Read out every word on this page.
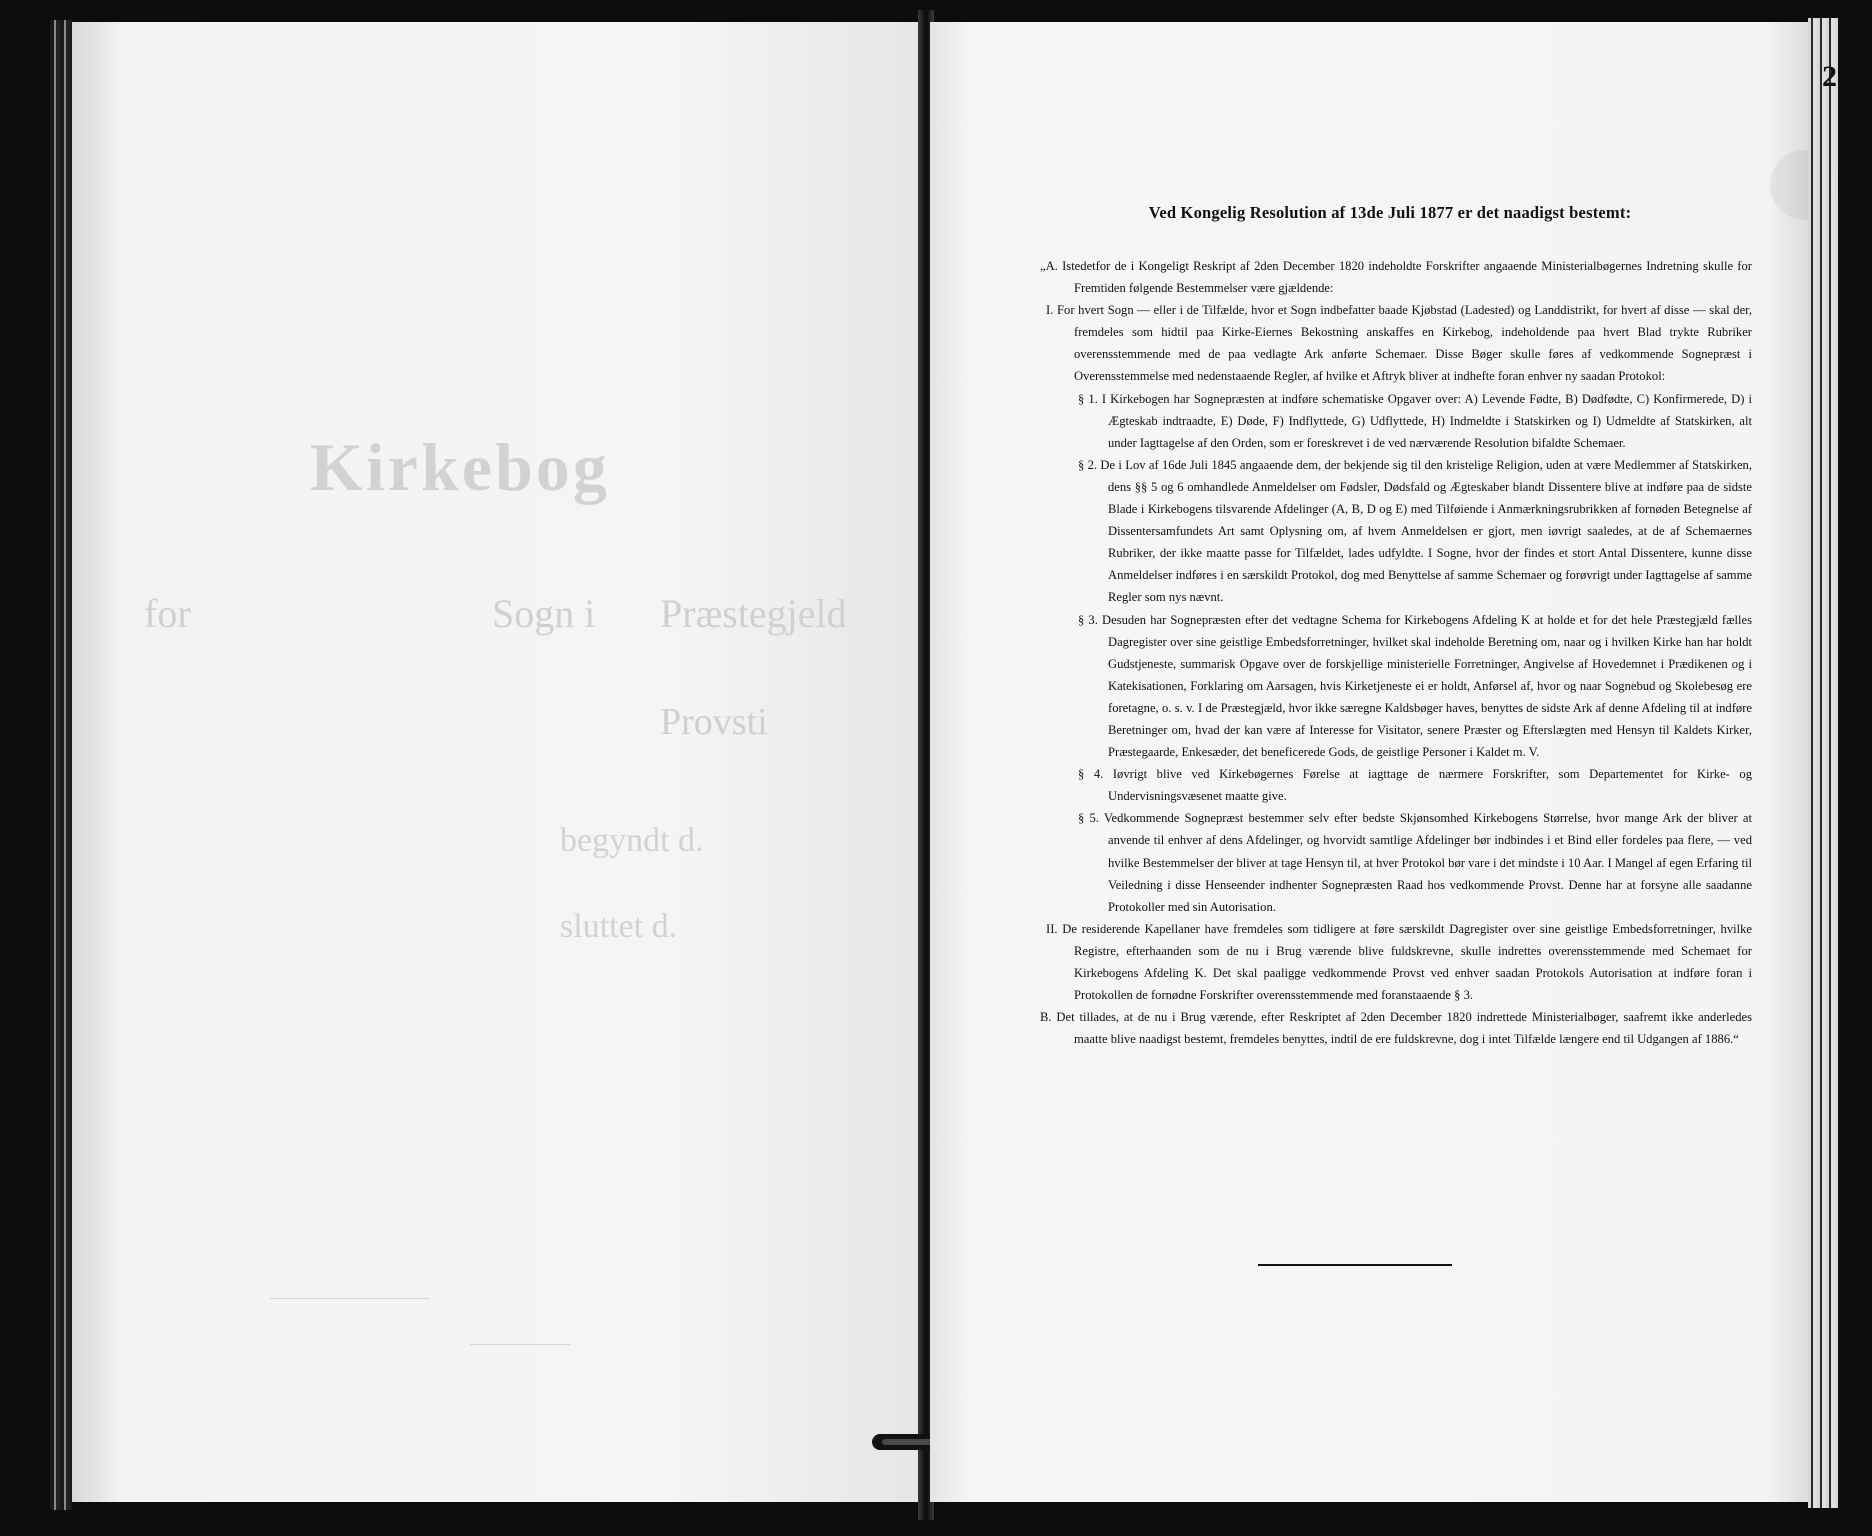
Kirkebog
for	Sogn i Præstegjeld
Provsti
begyndt d.
sluttet d.
2
Ved Kongelig Resolution af 13de Juli 1877 er det naadigst bestemt:

„A. Istedetfor de i Kongeligt Reskript af 2den December 1820 indeholdte Forskrifter angaaende Ministerialbøgernes Indretning skulle for Fremtiden følgende Bestemmelser være gjældende:

I. For hvert Sogn — eller i de Tilfælde, hvor et Sogn indbefatter baade Kjøbstad (Ladested) og Landdistrikt, for hvert af disse — skal der, fremdeles som hidtil paa Kirke-Eiernes Bekostning anskaffes en Kirkebog, indeholdende paa hvert Blad trykte Rubriker overensstemmende med de paa vedlagte Ark anførte Schemaer. Disse Bøger skulle føres af vedkommende Sognepræst i Overensstemmelse med nedenstaaende Regler, af hvilke et Aftryk bliver at indhefte foran enhver ny saadan Protokol:

§ 1. I Kirkebogen har Sognepræsten at indføre schematiske Opgaver over: A) Levende Fødte, B) Dødfødte, C) Konfirmerede, D) i Ægteskab indtraadte, E) Døde, F) Indflyttede, G) Udflyttede, H) Indmeldte i Statskirken og I) Udmeldte af Statskirken, alt under Iagttagelse af den Orden, som er foreskrevet i de ved nærværende Resolution bifaldte Schemaer.

§ 2. De i Lov af 16de Juli 1845 angaaende dem, der bekjende sig til den kristelige Religion, uden at være Medlemmer af Statskirken, dens §§ 5 og 6 omhandlede Anmeldelser om Fødsler, Dødsfald og Ægteskaber blandt Dissentere blive at indføre paa de sidste Blade i Kirkebogens tilsvarende Afdelinger (A, B, D og E) med Tilføiende i Anmærkningsrubrikken af fornøden Betegnelse af Dissentersamfundets Art samt Oplysning om, af hvem Anmeldelsen er gjort, men iøvrigt saaledes, at de af Schemaernes Rubriker, der ikke maatte passe for Tilfældet, lades udfyldte. I Sogne, hvor der findes et stort Antal Dissentere, kunne disse Anmeldelser indføres i en særskildt Protokol, dog med Benyttelse af samme Schemaer og forøvrigt under Iagttagelse af samme Regler som nys nævnt.

§ 3. Desuden har Sognepræsten efter det vedtagne Schema for Kirkebogens Afdeling K at holde et for det hele Præstegjæld fælles Dagregister over sine geistlige Embedsforretninger, hvilket skal indeholde Beretning om, naar og i hvilken Kirke han har holdt Gudstjeneste, summarisk Opgave over de forskjellige ministerielle Forretninger, Angivelse af Hovedemnet i Prædikenen og i Katekisationen, Forklaring om Aarsagen, hvis Kirketjeneste ei er holdt, Anførsel af, hvor og naar Sognebud og Skolebesøg ere foretagne, o. s. v. I de Præstegjæld, hvor ikke særegne Kaldsbøger haves, benyttes de sidste Ark af denne Afdeling til at indføre Beretninger om, hvad der kan være af Interesse for Visitator, senere Præster og Efterslægten med Hensyn til Kaldets Kirker, Præstegaarde, Enkesæder, det beneficerede Gods, de geistlige Personer i Kaldet m. V.

§ 4. Iøvrigt blive ved Kirkebøgernes Førelse at iagttage de nærmere Forskrifter, som Departementet for Kirke- og Undervisningsvæsenet maatte give.

§ 5. Vedkommende Sognepræst bestemmer selv efter bedste Skjønsomhed Kirkebogens Størrelse, hvor mange Ark der bliver at anvende til enhver af dens Afdelinger, og hvorvidt samtlige Afdelinger bør indbindes i et Bind eller fordeles paa flere, — ved hvilke Bestemmelser der bliver at tage Hensyn til, at hver Protokol bør vare i det mindste i 10 Aar. I Mangel af egen Erfaring til Veiledning i disse Henseender indhenter Sognepræsten Raad hos vedkommende Provst. Denne har at forsyne alle saadanne Protokoller med sin Autorisation.

II. De residerende Kapellaner have fremdeles som tidligere at føre særskildt Dagregister over sine geistlige Embedsforretninger, hvilke Registre, efterhaanden som de nu i Brug værende blive fuldskrevne, skulle indrettes overensstemmende med Schemaet for Kirkebogens Afdeling K. Det skal paaligge vedkommende Provst ved enhver saadan Protokols Autorisation at indføre foran i Protokollen de fornødne Forskrifter overensstemmende med foranstaaende § 3.

B. Det tillades, at de nu i Brug værende, efter Reskriptet af 2den December 1820 indrettede Ministerialbøger, saafremt ikke anderledes maatte blive naadigst bestemt, fremdeles benyttes, indtil de ere fuldskrevne, dog i intet Tilfælde længere end til Udgangen af 1886.“
